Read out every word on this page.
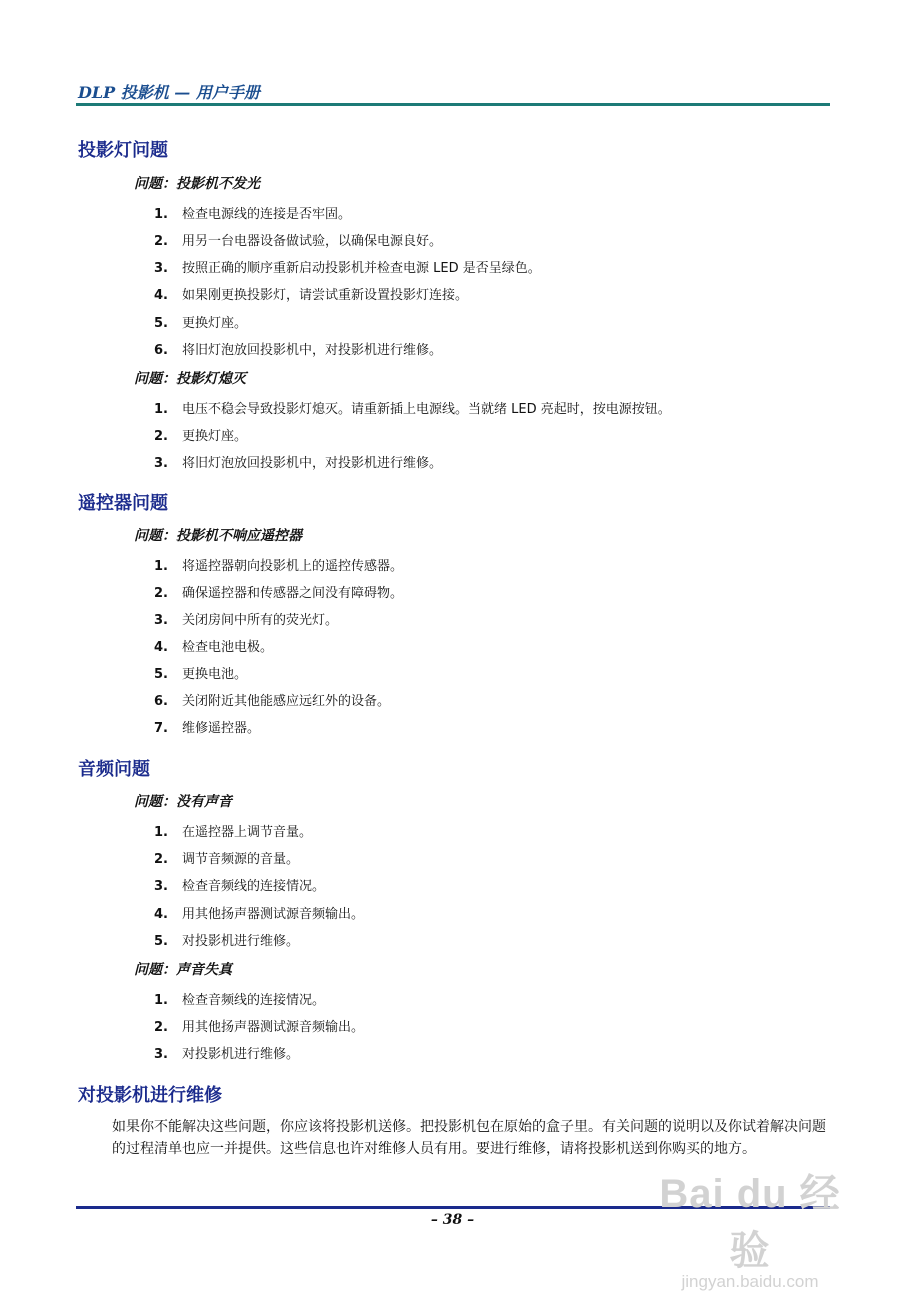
DLP 投影机 — 用户手册
投影灯问题
问题：投影机不发光
1. 检查电源线的连接是否牢固。
2. 用另一台电器设备做试验，以确保电源良好。
3. 按照正确的顺序重新启动投影机并检查电源 LED 是否呈绿色。
4. 如果刚更换投影灯，请尝试重新设置投影灯连接。
5. 更换灯座。
6. 将旧灯泡放回投影机中，对投影机进行维修。
问题：投影灯熄灭
1. 电压不稳会导致投影灯熄灭。请重新插上电源线。当就绪 LED 亮起时，按电源按钮。
2. 更换灯座。
3. 将旧灯泡放回投影机中，对投影机进行维修。
遥控器问题
问题：投影机不响应遥控器
1. 将遥控器朝向投影机上的遥控传感器。
2. 确保遥控器和传感器之间没有障碍物。
3. 关闭房间中所有的荧光灯。
4. 检查电池电极。
5. 更换电池。
6. 关闭附近其他能感应远红外的设备。
7. 维修遥控器。
音频问题
问题：没有声音
1. 在遥控器上调节音量。
2. 调节音频源的音量。
3. 检查音频线的连接情况。
4. 用其他扬声器测试源音频输出。
5. 对投影机进行维修。
问题：声音失真
1. 检查音频线的连接情况。
2. 用其他扬声器测试源音频输出。
3. 对投影机进行维修。
对投影机进行维修
如果你不能解决这些问题，你应该将投影机送修。把投影机包在原始的盒子里。有关问题的说明以及你试着解决问题的过程清单也应一并提供。这些信息也许对维修人员有用。要进行维修，请将投影机送到你购买的地方。
– 38 –
Bai du 经验
jingyan.baidu.com
